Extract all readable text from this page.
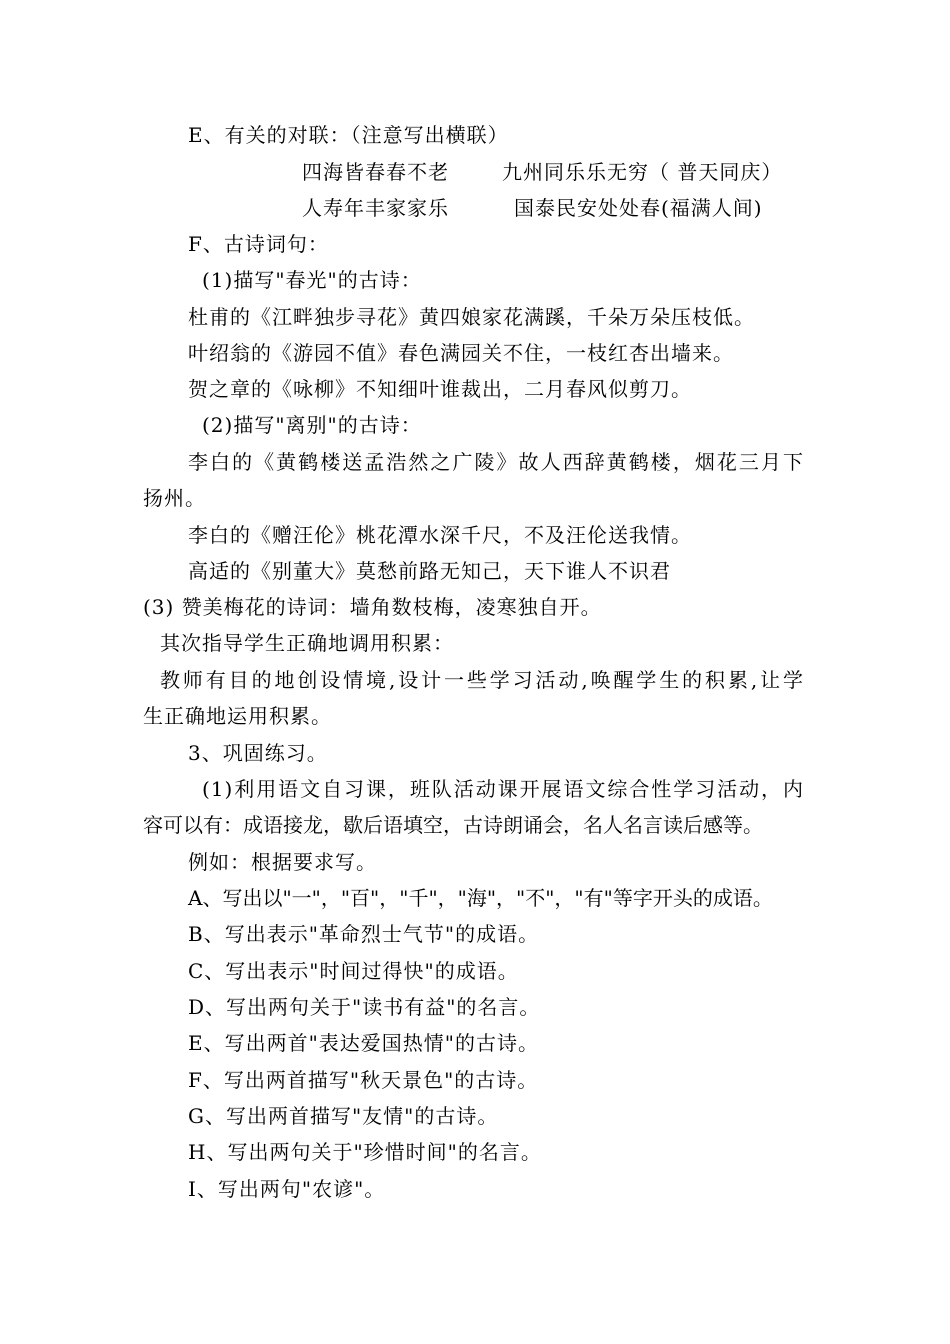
E、有关的对联：（注意写出横联）
四海皆春春不老	九州同乐乐无穷（ 普天同庆）
人寿年丰家家乐	国泰民安处处春(福满人间)
F、古诗词句：
(1)描写"春光"的古诗：
杜甫的《江畔独步寻花》黄四娘家花满蹊，千朵万朵压枝低。
叶绍翁的《游园不值》春色满园关不住，一枝红杏出墙来。
贺之章的《咏柳》不知细叶谁裁出，二月春风似剪刀。
(2)描写"离别"的古诗：
李白的《黄鹤楼送孟浩然之广陵》故人西辞黄鹤楼，烟花三月下
扬州。
李白的《赠汪伦》桃花潭水深千尺，不及汪伦送我情。
高适的《别董大》莫愁前路无知己，天下谁人不识君
(3) 赞美梅花的诗词：墙角数枝梅，凌寒独自开。
其次指导学生正确地调用积累：
教师有目的地创设情境,设计一些学习活动,唤醒学生的积累,让学
生正确地运用积累。
3、巩固练习。
(1)利用语文自习课，班队活动课开展语文综合性学习活动，内
容可以有：成语接龙，歇后语填空，古诗朗诵会，名人名言读后感等。
例如：根据要求写。
A、写出以"一"，"百"，"千"，"海"，"不"，"有"等字开头的成语。
B、写出表示"革命烈士气节"的成语。
C、写出表示"时间过得快"的成语。
D、写出两句关于"读书有益"的名言。
E、写出两首"表达爱国热情"的古诗。
F、写出两首描写"秋天景色"的古诗。
G、写出两首描写"友情"的古诗。
H、写出两句关于"珍惜时间"的名言。
I、写出两句"农谚"。
